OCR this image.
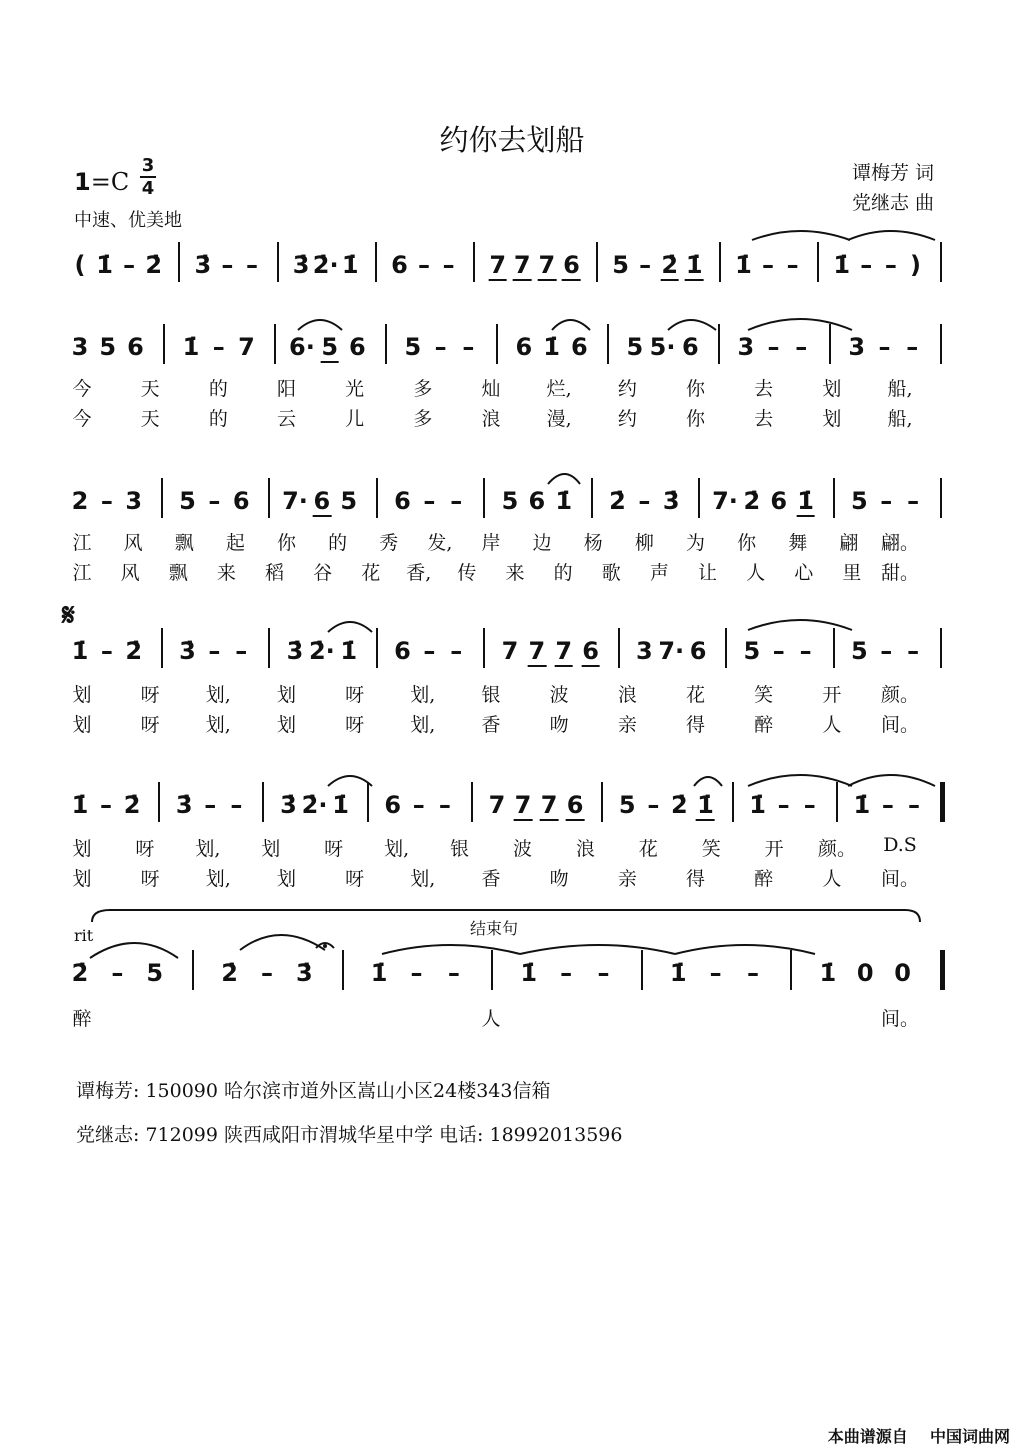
约你去划船
谭梅芳 词
党继志 曲
1=C
3
4
中速、优美地
𝄋
rit	结束句
( 1̇ – 2̇ 3̇ – – 3̇ 2̇· 1̇ 6 – – 7 7 7 6 5 – 2̇ 1̇ 1̇ – – 1̇ – – )
3 5 6 1̇ – 7 6· 5 6 5 – – 6 1̇ 6 5 5· 6 3 – – 3 – –
今	天	的	阳	光	多	灿 烂, 约	你	去	划 船,
今	天	的	云	儿	多	浪 漫, 约	你	去	划 船,
2 – 3 5 – 6 7· 6 5 6 – – 5 6 1̇ 2̇ – 3̇ 7· 2̇ 6 1̇ 5 – –
江 风 飘 起 你 的 秀 发, 岸 边 杨 柳 为 你 舞 翩 翩。
江 风 飘 来 稻 谷 花 香, 传 来 的 歌 声 让 人 心 里 甜。
1̇ – 2̇ 3̇ – – 3̇ 2̇· 1̇ 6 – – 7 7 7 6 3 7· 6 5 – – 5 – –
划	呀 划, 划	呀 划, 银	波	浪	花	笑	开 颜。
划	呀 划, 划	呀 划, 香	吻	亲	得	醉	人 间。
1̇ – 2̇ 3̇ – – 3̇ 2̇· 1̇ 6 – – 7 7 7 6 5 – 2̇ 1̇ 1̇ – – 1̇ – –
划 呀 划, 划 呀 划, 银 波 浪 花 笑 开 颜。 D.S
划	呀 划, 划	呀 划, 香	吻	亲	得	醉	人 间。
2̇ – 5 2̇ – 3̇ 1̇ – –	1̇ – –	1̇ – –	1̇ 0 0
醉	人	间。
谭梅芳: 150090 哈尔滨市道外区嵩山小区24楼343信箱
党继志: 712099 陕西咸阳市渭城华星中学 电话: 18992013596
本曲谱源自 中国词曲网
